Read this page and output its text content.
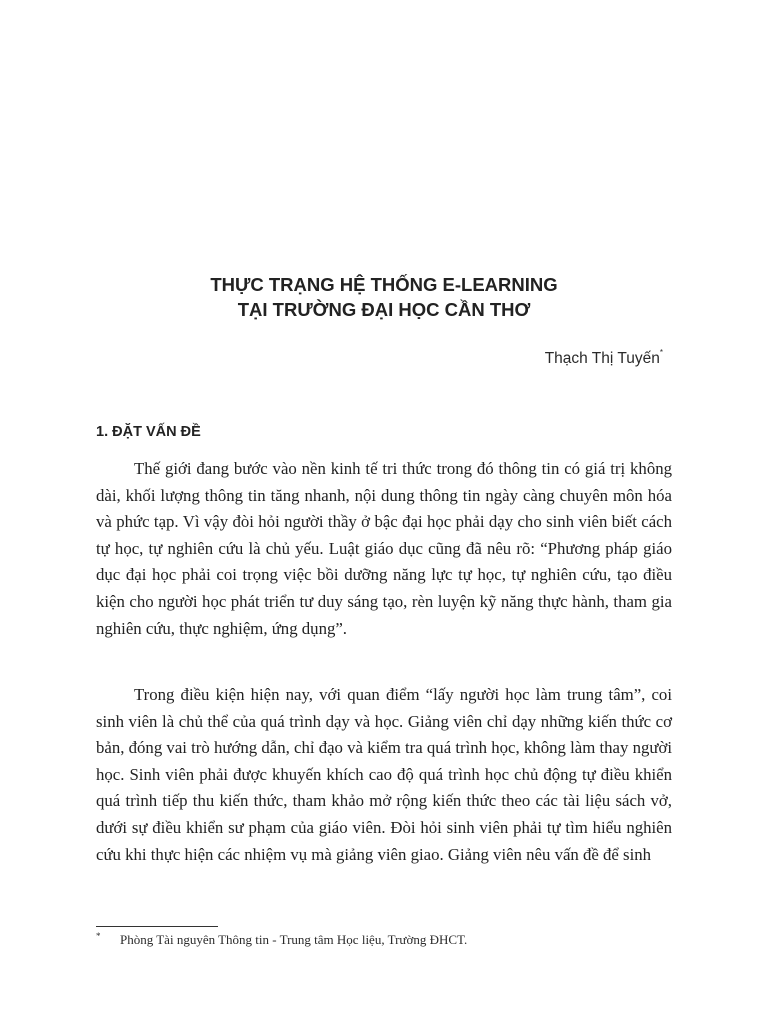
THỰC TRẠNG HỆ THỐNG E-LEARNING
TẠI TRƯỜNG ĐẠI HỌC CẦN THƠ
Thạch Thị Tuyến*
1. ĐẶT VẤN ĐỀ

Thế giới đang bước vào nền kinh tế tri thức trong đó thông tin có giá trị không dài, khối lượng thông tin tăng nhanh, nội dung thông tin ngày càng chuyên môn hóa và phức tạp. Vì vậy đòi hỏi người thầy ở bậc đại học phải dạy cho sinh viên biết cách tự học, tự nghiên cứu là chủ yếu. Luật giáo dục cũng đã nêu rõ: “Phương pháp giáo dục đại học phải coi trọng việc bồi dưỡng năng lực tự học, tự nghiên cứu, tạo điều kiện cho người học phát triển tư duy sáng tạo, rèn luyện kỹ năng thực hành, tham gia nghiên cứu, thực nghiệm, ứng dụng”.

Trong điều kiện hiện nay, với quan điểm “lấy người học làm trung tâm”, coi sinh viên là chủ thể của quá trình dạy và học. Giảng viên chỉ dạy những kiến thức cơ bản, đóng vai trò hướng dẫn, chỉ đạo và kiểm tra quá trình học, không làm thay người học. Sinh viên phải được khuyến khích cao độ quá trình học chủ động tự điều khiển quá trình tiếp thu kiến thức, tham khảo mở rộng kiến thức theo các tài liệu sách vở, dưới sự điều khiển sư phạm của giáo viên. Đòi hỏi sinh viên phải tự tìm hiểu nghiên cứu khi thực hiện các nhiệm vụ mà giảng viên giao. Giảng viên nêu vấn đề để sinh

* Phòng Tài nguyên Thông tin - Trung tâm Học liệu, Trường ĐHCT.
